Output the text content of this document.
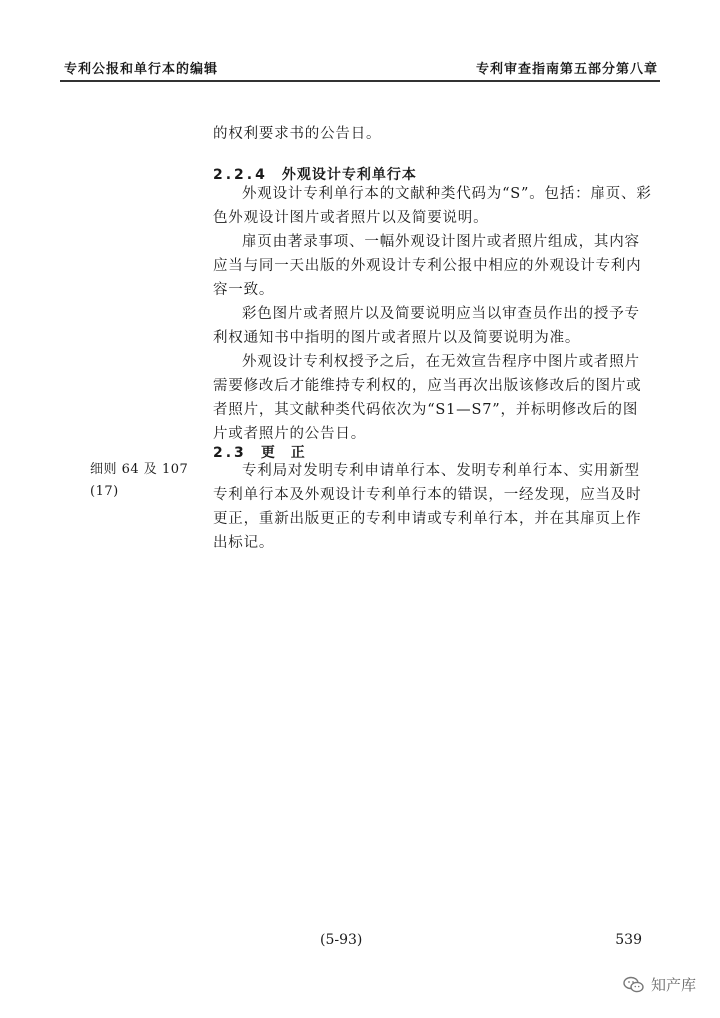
专利公报和单行本的编辑	专利审查指南第五部分第八章

的权利要求书的公告日。

2.2.4 外观设计专利单行本

外观设计专利单行本的文献种类代码为“S”。包括：扉页、彩色外观设计图片或者照片以及简要说明。

扉页由著录事项、一幅外观设计图片或者照片组成，其内容应当与同一天出版的外观设计专利公报中相应的外观设计专利内容一致。

彩色图片或者照片以及简要说明应当以审查员作出的授予专利权通知书中指明的图片或者照片以及简要说明为准。

外观设计专利权授予之后，在无效宣告程序中图片或者照片需要修改后才能维持专利权的，应当再次出版该修改后的图片或者照片，其文献种类代码依次为“S1—S7”，并标明修改后的图片或者照片的公告日。

2.3 更　正
细则 64 及 107
(17)

专利局对发明专利申请单行本、发明专利单行本、实用新型专利单行本及外观设计专利单行本的错误，一经发现，应当及时更正，重新出版更正的专利申请或专利单行本，并在其扉页上作出标记。

(5-93)	539
知产库
